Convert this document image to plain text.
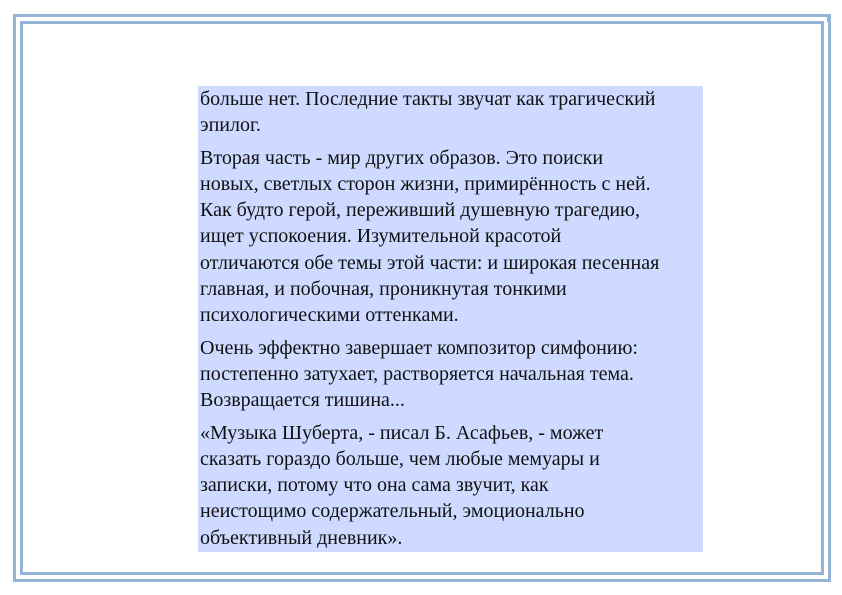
больше нет. Последние такты звучат как трагический
эпилог.

Вторая часть - мир других образов. Это поиски
новых, светлых сторон жизни, примирённость с ней.
Как будто герой, переживший душевную трагедию,
ищет успокоения. Изумительной красотой
отличаются обе темы этой части: и широкая песенная
главная, и побочная, проникнутая тонкими
психологическими оттенками.

Очень эффектно завершает композитор симфонию:
постепенно затухает, растворяется начальная тема.
Возвращается тишина...

«Музыка Шуберта, - писал Б. Асафьев, - может
сказать гораздо больше, чем любые мемуары и
записки, потому что она сама звучит, как
неистощимо содержательный, эмоционально
объективный дневник».
